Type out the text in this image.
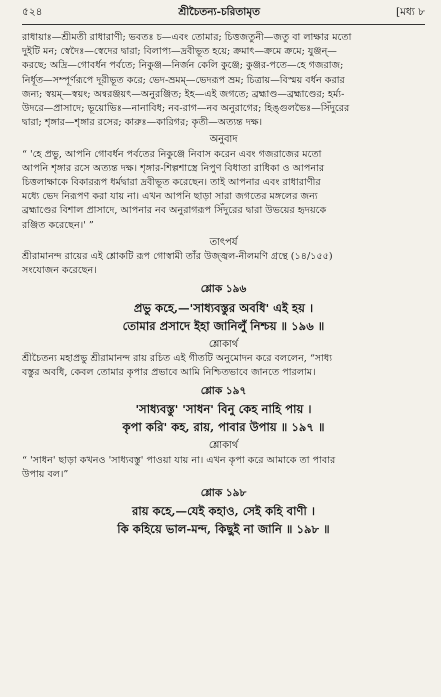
৫২৪	শ্রীচৈতন্য-চরিতামৃত	[মধ্য ৮
রাধায়াঃ—শ্রীমতী রাধারাণী; ভবতঃ চ—এবং তোমার; চিত্তজতুনী—জতু বা লাক্ষার মতো
দুইটি মন; স্বেদৈঃ—স্বেদের দ্বারা; বিলাপ্য—দ্রবীভূত হয়ে; ক্রমাৎ—ক্রমে ক্রমে; যুঞ্জন্—
করছে; অদ্রি—গোবর্ধন পর্বতে; নিকুঞ্জ—নির্জন কেলি কুঞ্জে; কুঞ্জর-পতে—হে গজরাজ;
নির্ধূত—সম্পূর্ণরূপে দূরীভূত করে; ভেদ-ভ্রমম্—ভেদরূপ ভ্রম; চিত্রায়—বিস্ময় বর্ধন করার
জন্য; স্বয়ম্—স্বয়ং; অন্বরঞ্জয়ৎ—অনুরঞ্জিত; ইহ—এই জগতে; ব্রহ্মাণ্ড—ব্রহ্মাণ্ডের; হর্ম্য-
উদরে—প্রাসাদে; ভূয়োভিঃ—নানাবিধ; নব-রাগ—নব অনুরাগের; হিঙ্গুলভৈঃ—সিঁদুরের
দ্বারা; শৃঙ্গার—শৃঙ্গার রসের; কারুঃ—কারিগর; কৃতী—অত্যন্ত দক্ষ।
অনুবাদ
“ 'হে প্রভু, আপনি গোবর্ধন পর্বতের নিকুঞ্জে নিবাস করেন এবং গজরাজের মতো
আপনি শৃঙ্গার রসে অত্যন্ত দক্ষ। শৃঙ্গার-শিল্পশাস্ত্রে নিপুণ বিধাতা রাধিকা ও আপনার
চিত্তলাক্ষাকে বিকাররূপ ধর্মদ্বারা দ্রবীভূত করেছেন। তাই আপনার এবং রাধারাণীর
মধ্যে ভেদ নিরূপণ করা যায় না। এখন আপনি ছাড়া সারা জগতের মঙ্গলের জন্য
ব্রহ্মাণ্ডের বিশাল প্রাসাদে, আপনার নব অনুরাগরূপ সিঁদুরের দ্বারা উভয়ের হৃদয়কে
রঞ্জিত করেছেন।' ”
তাৎপর্য
শ্রীরামানন্দ রায়ের এই শ্লোকটি রূপ গোস্বামী তাঁর উজ্জ্বল-নীলমণি গ্রন্থে (১৪/১৫৫)
সংযোজন করেছেন।
শ্লোক ১৯৬
প্রভু কহে,—'সাধ্যবস্তুর অবধি' এই হয় ।
তোমার প্রসাদে ইহা জানিলুঁ নিশ্চয় ॥ ১৯৬ ॥
শ্লোকার্থ
শ্রীচৈতন্য মহাপ্রভু শ্রীরামানন্দ রায় রচিত এই গীতটি অনুমোদন করে বললেন, “সাধ্য
বস্তুর অবধি, কেবল তোমার কৃপার প্রভাবে আমি নিশ্চিতভাবে জানতে পারলাম।
শ্লোক ১৯৭
'সাধ্যবস্তু' 'সাধন' বিনু কেহ নাহি পায় ।
কৃপা করি' কহ, রায়, পাবার উপায় ॥ ১৯৭ ॥
শ্লোকার্থ
“ 'সাধন' ছাড়া কখনও 'সাধ্যবস্তু' পাওয়া যায় না। এখন কৃপা করে আমাকে তা পাবার
উপায় বল।”
শ্লোক ১৯৮
রায় কহে,—যেই কহাও, সেই কহি বাণী ।
কি কহিয়ে ভাল-মন্দ, কিছুই না জানি ॥ ১৯৮ ॥
